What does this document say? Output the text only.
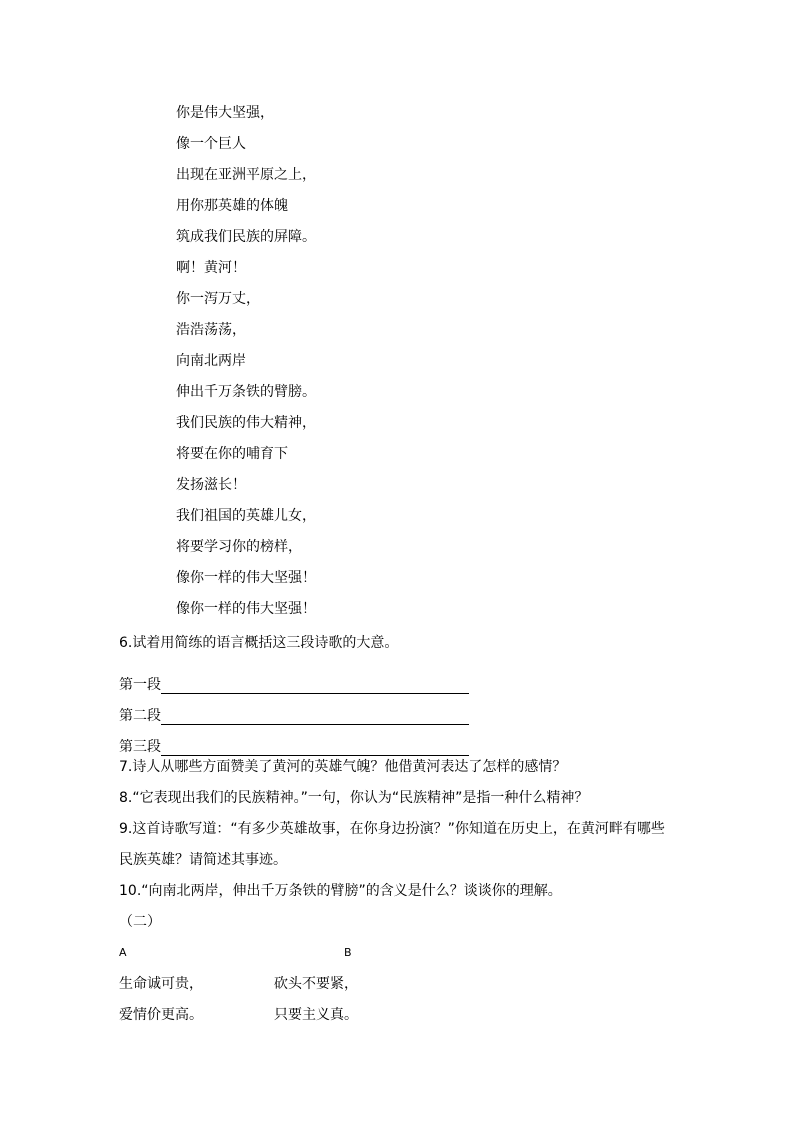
你是伟大坚强，
像一个巨人
出现在亚洲平原之上，
用你那英雄的体魄
筑成我们民族的屏障。
啊！黄河！
你一泻万丈，
浩浩荡荡，
向南北两岸
伸出千万条铁的臂膀。
我们民族的伟大精神，
将要在你的哺育下
发扬滋长！
我们祖国的英雄儿女，
将要学习你的榜样，
像你一样的伟大坚强！
像你一样的伟大坚强！
6.试着用简练的语言概括这三段诗歌的大意。
第一段
第二段
第三段
7.诗人从哪些方面赞美了黄河的英雄气魄？他借黄河表达了怎样的感情？
8.“它表现出我们的民族精神。”一句，你认为“民族精神”是指一种什么精神？
9.这首诗歌写道：“有多少英雄故事，在你身边扮演？”你知道在历史上，在黄河畔有哪些
民族英雄？请简述其事迹。
10.“向南北两岸，伸出千万条铁的臂膀”的含义是什么？谈谈你的理解。
（二）
A	B
生命诚可贵，	砍头不要紧，
爱情价更高。	只要主义真。
